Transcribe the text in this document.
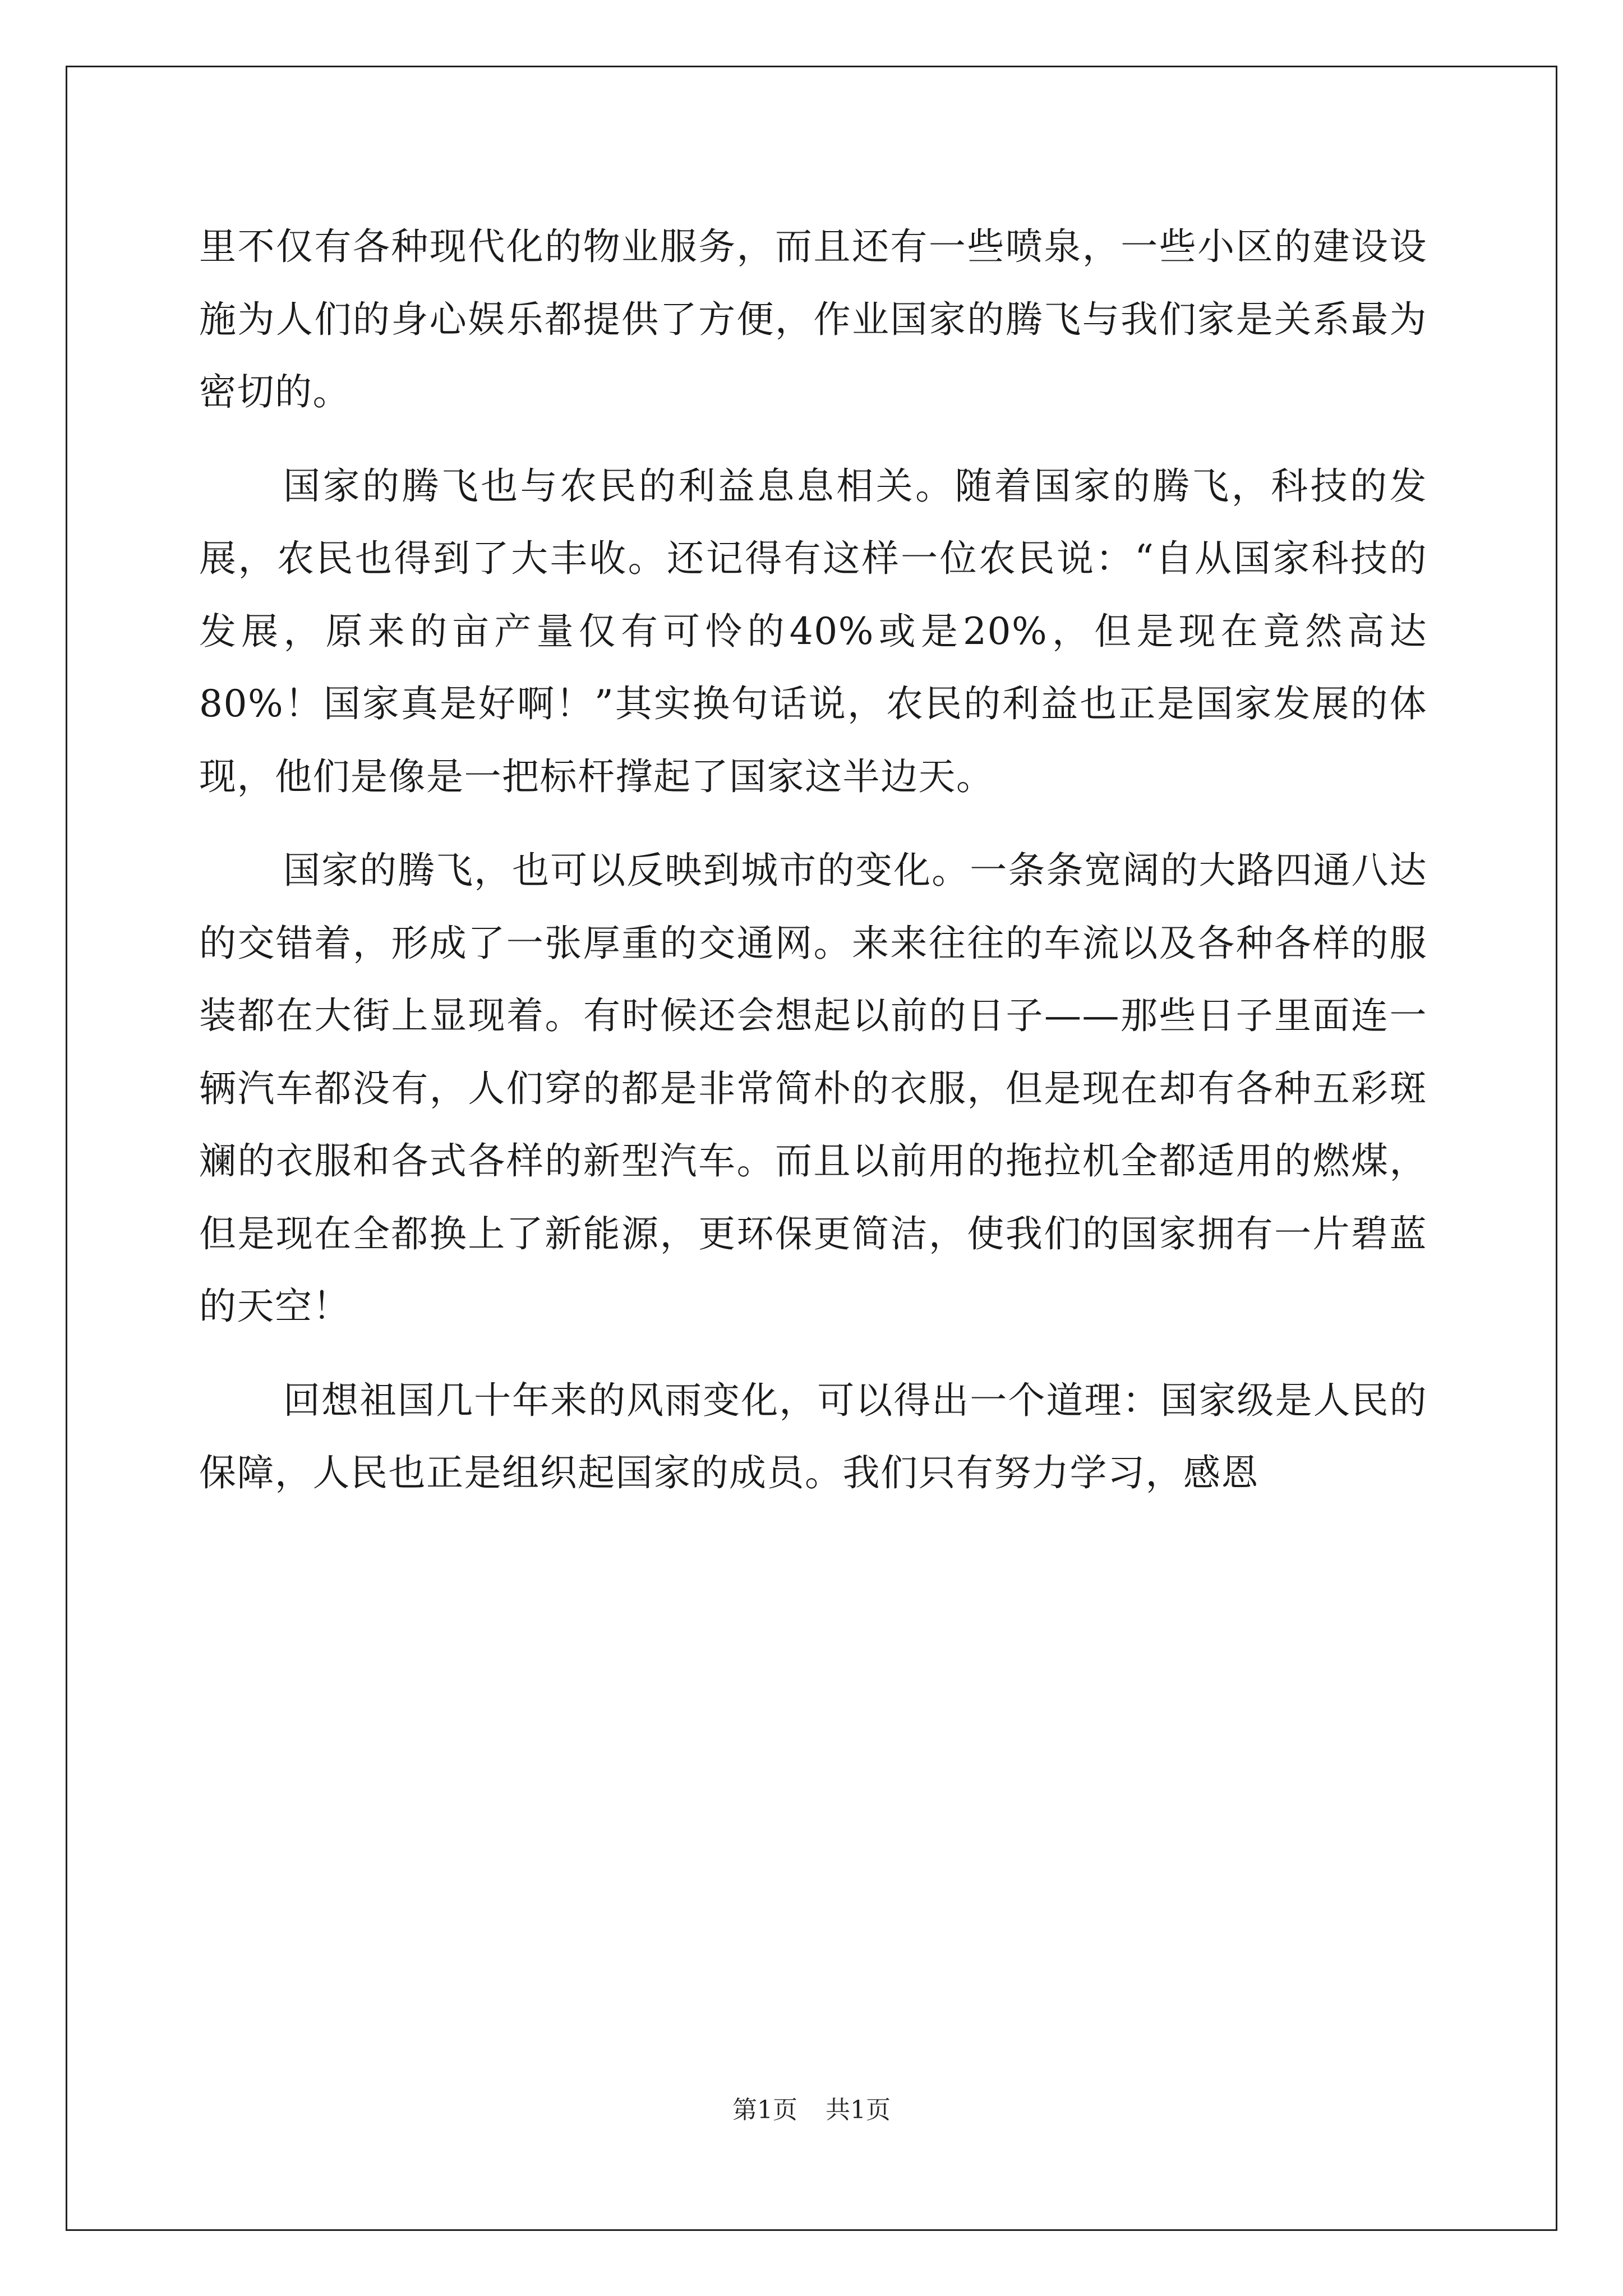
里不仅有各种现代化的物业服务，而且还有一些喷泉，一些小区的建设设施为人们的身心娱乐都提供了方便，作业国家的腾飞与我们家是关系最为密切的。

国家的腾飞也与农民的利益息息相关。随着国家的腾飞，科技的发展，农民也得到了大丰收。还记得有这样一位农民说：“自从国家科技的发展，原来的亩产量仅有可怜的40%或是20%，但是现在竟然高达80%！国家真是好啊！”其实换句话说，农民的利益也正是国家发展的体现，他们是像是一把标杆撑起了国家这半边天。

国家的腾飞，也可以反映到城市的变化。一条条宽阔的大路四通八达的交错着，形成了一张厚重的交通网。来来往往的车流以及各种各样的服装都在大街上显现着。有时候还会想起以前的日子——那些日子里面连一辆汽车都没有，人们穿的都是非常简朴的衣服，但是现在却有各种五彩斑斓的衣服和各式各样的新型汽车。而且以前用的拖拉机全都适用的燃煤，但是现在全都换上了新能源，更环保更简洁，使我们的国家拥有一片碧蓝的天空！

回想祖国几十年来的风雨变化，可以得出一个道理：国家级是人民的保障，人民也正是组织起国家的成员。我们只有努力学习，感恩

第1页 共1页
